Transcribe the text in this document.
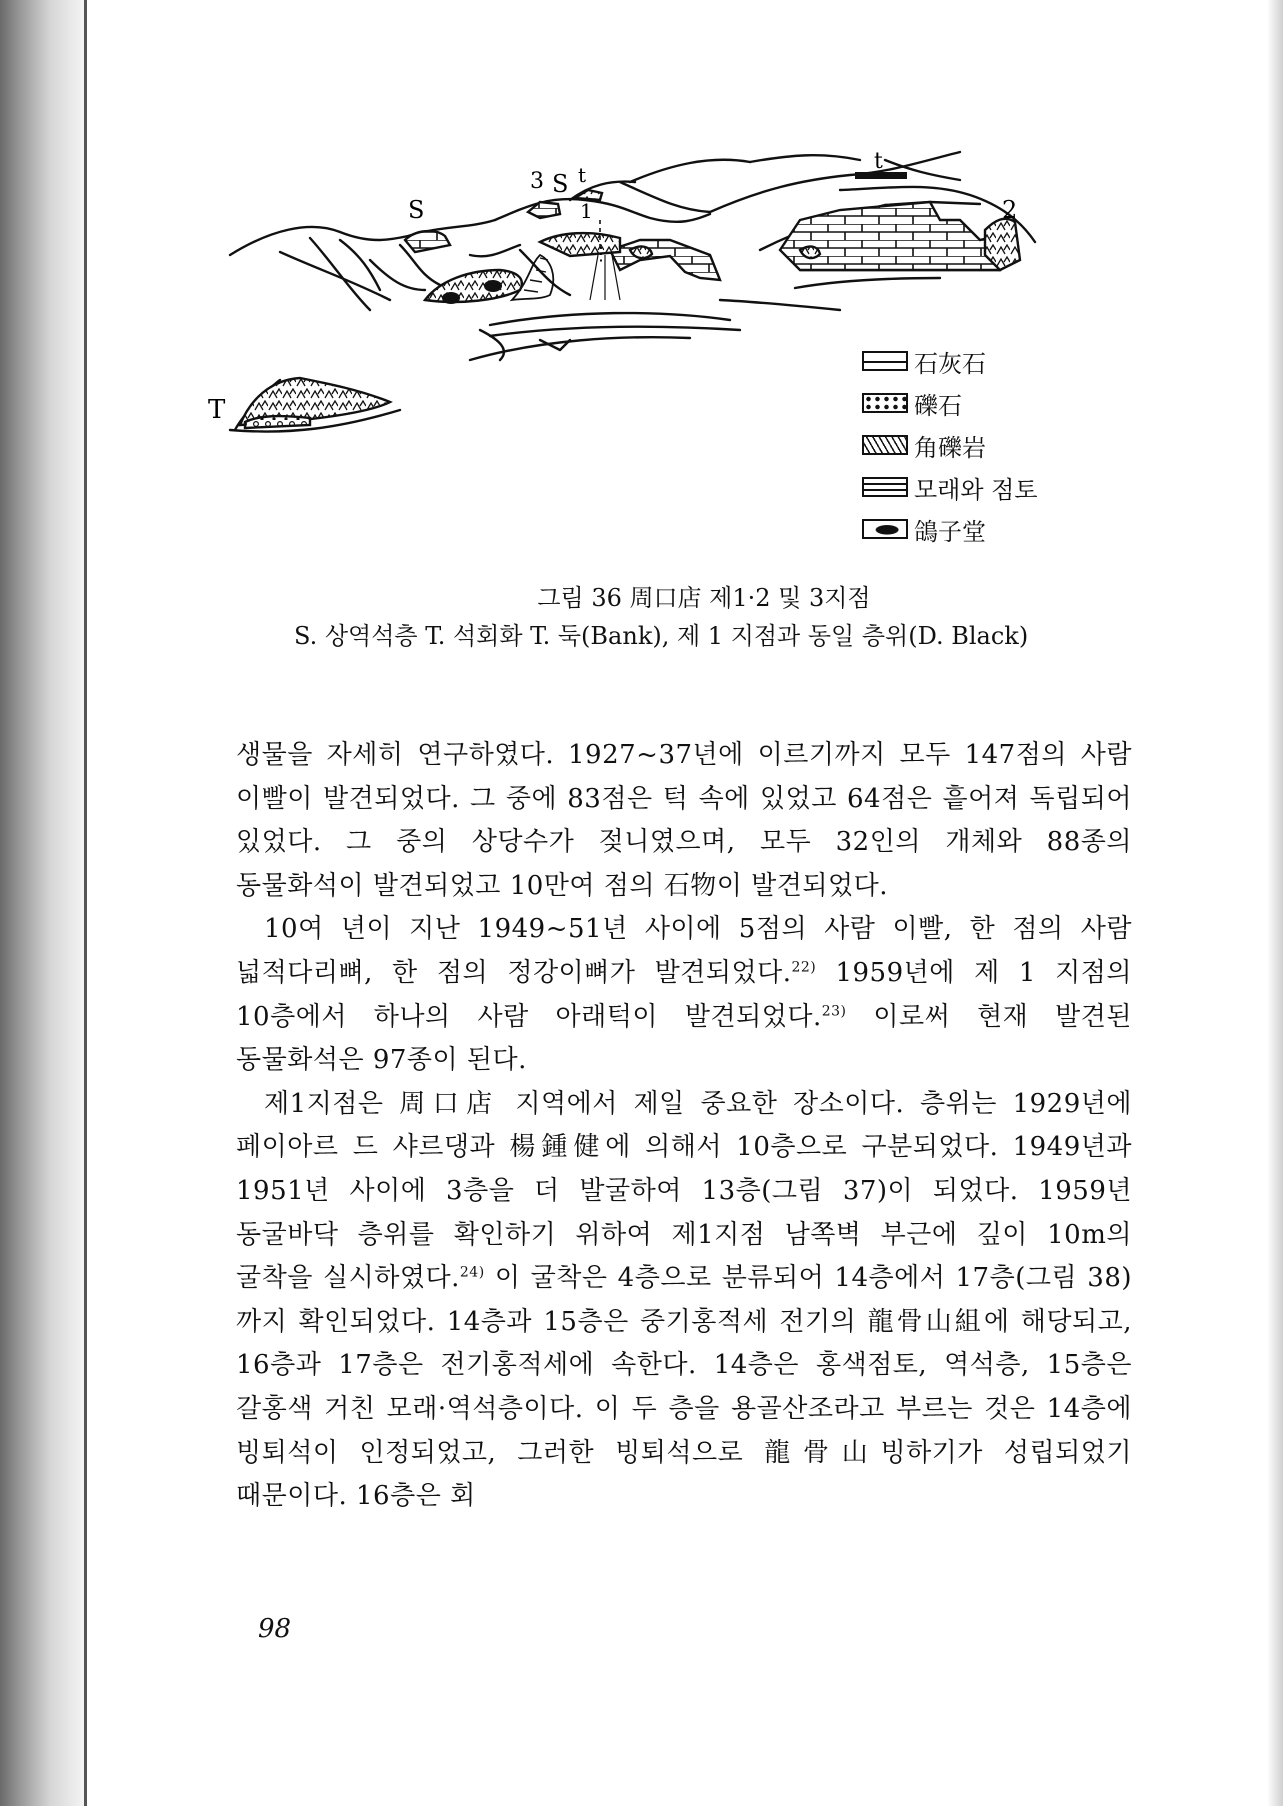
S
3 S t
1
t
2
T
⋮
石灰石
礫石
角礫岩
모래와 점토
鴿子堂
그림 36 周口店 제1·2 및 3지점
S. 상역석층 T. 석회화 T. 둑(Bank), 제 1 지점과 동일 층위(D. Black)

생물을 자세히 연구하였다. 1927~37년에 이르기까지 모두 147점의 사람 이빨이 발견되었다. 그 중에 83점은 턱 속에 있었고 64점은 흩어져 독립되어 있었다. 그 중의 상당수가 젖니였으며, 모두 32인의 개체와 88종의 동물화석이 발견되었고 10만여 점의 石物이 발견되었다.

10여 년이 지난 1949~51년 사이에 5점의 사람 이빨, 한 점의 사람 넓적다리뼈, 한 점의 정강이뼈가 발견되었다.$^{22)}$ 1959년에 제 1 지점의 10층에서 하나의 사람 아래턱이 발견되었다.$^{23)}$ 이로써 현재 발견된 동물화석은 97종이 된다.

제1지점은 周口店 지역에서 제일 중요한 장소이다. 층위는 1929년에 페이아르 드 샤르댕과 楊鍾健에 의해서 10층으로 구분되었다. 1949년과 1951년 사이에 3층을 더 발굴하여 13층(그림 37)이 되었다. 1959년 동굴바닥 층위를 확인하기 위하여 제1지점 남쪽벽 부근에 깊이 10m의 굴착을 실시하였다.$^{24)}$ 이 굴착은 4층으로 분류되어 14층에서 17층(그림 38)까지 확인되었다. 14층과 15층은 중기홍적세 전기의 龍骨山組에 해당되고, 16층과 17층은 전기홍적세에 속한다. 14층은 홍색점토, 역석층, 15층은 갈홍색 거친 모래·역석층이다. 이 두 층을 용골산조라고 부르는 것은 14층에 빙퇴석이 인정되었고, 그러한 빙퇴석으로 龍骨山빙하기가 성립되었기 때문이다. 16층은 회

98
